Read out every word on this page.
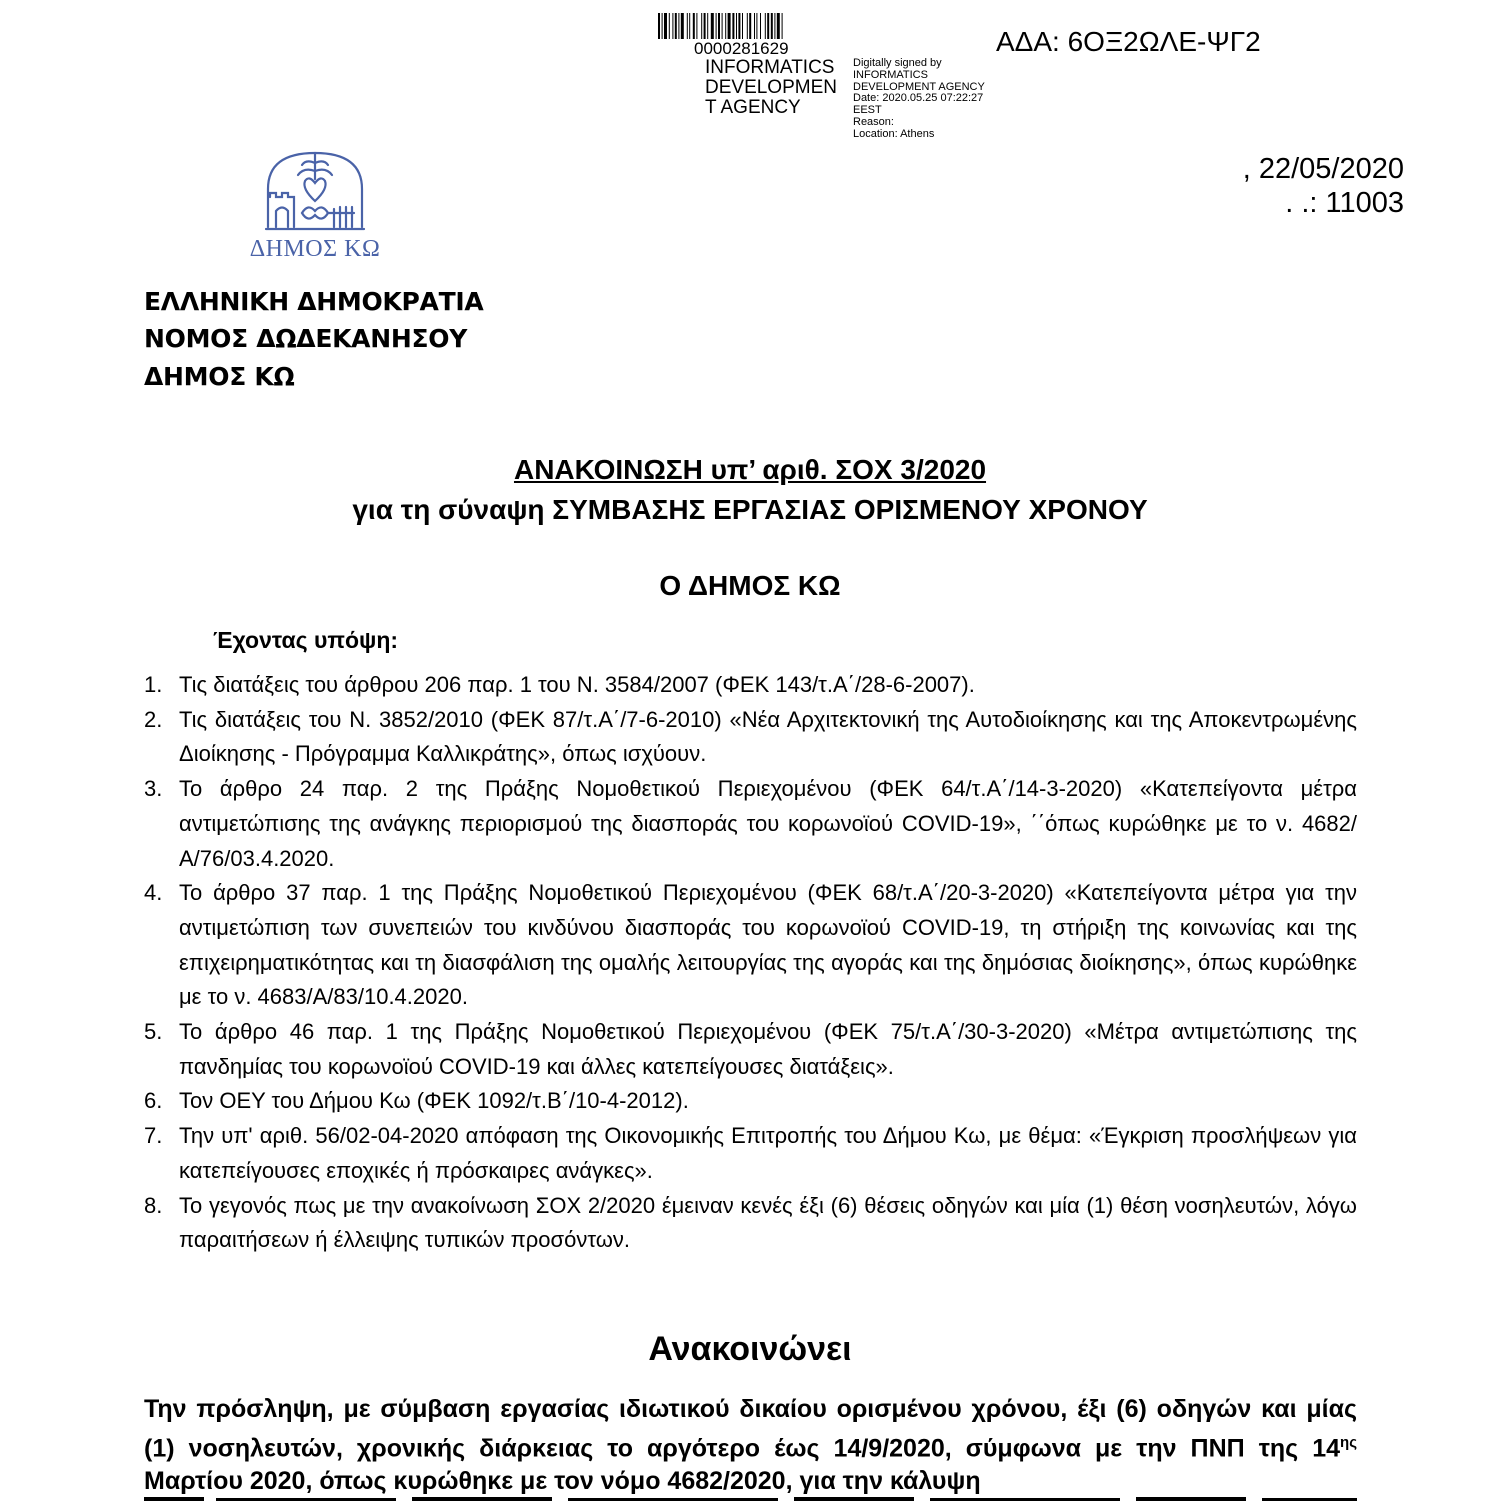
0000281629
INFORMATICS
DEVELOPMEN
T AGENCY
Digitally signed by
INFORMATICS
DEVELOPMENT AGENCY
Date: 2020.05.25 07:22:27
EEST
Reason:
Location: Athens
ΑΔΑ: 6ΟΞ2ΩΛΕ-ΨΓ2
, 22/05/2020
. .: 11003
ΔΗΜΟΣ ΚΩ
ΕΛΛΗΝΙΚΗ ΔΗΜΟΚΡΑΤΙΑ
ΝΟΜΟΣ ΔΩΔΕΚΑΝΗΣΟΥ
ΔΗΜΟΣ ΚΩ
ΑΝΑΚΟΙΝΩΣΗ υπ’ αριθ. ΣΟΧ 3/2020
για τη σύναψη ΣΥΜΒΑΣΗΣ ΕΡΓΑΣΙΑΣ ΟΡΙΣΜΕΝΟΥ ΧΡΟΝΟΥ
Ο ΔΗΜΟΣ ΚΩ
Έχοντας υπόψη:
1. Τις διατάξεις του άρθρου 206 παρ. 1 του Ν. 3584/2007 (ΦΕΚ 143/τ.Α΄/28-6-2007).
2. Τις διατάξεις του Ν. 3852/2010 (ΦΕΚ 87/τ.Α΄/7-6-2010) «Νέα Αρχιτεκτονική της Αυτοδιοίκησης και της Αποκεντρωμένης Διοίκησης - Πρόγραμμα Καλλικράτης», όπως ισχύουν.
3. Το άρθρο 24 παρ. 2 της Πράξης Νομοθετικού Περιεχομένου (ΦΕΚ 64/τ.Α΄/14-3-2020) «Κατεπείγοντα μέτρα αντιμετώπισης της ανάγκης περιορισμού της διασποράς του κορωνοϊού COVID-19», ΄΄όπως κυρώθηκε με το ν. 4682/Α/76/03.4.2020.
4. Το άρθρο 37 παρ. 1 της Πράξης Νομοθετικού Περιεχομένου (ΦΕΚ 68/τ.Α΄/20-3-2020) «Κατεπείγοντα μέτρα για την αντιμετώπιση των συνεπειών του κινδύνου διασποράς του κορωνοϊού COVID-19, τη στήριξη της κοινωνίας και της επιχειρηματικότητας και τη διασφάλιση της ομαλής λειτουργίας της αγοράς και της δημόσιας διοίκησης», όπως κυρώθηκε με το ν. 4683/Α/83/10.4.2020.
5. Το άρθρο 46 παρ. 1 της Πράξης Νομοθετικού Περιεχομένου (ΦΕΚ 75/τ.Α΄/30-3-2020) «Μέτρα αντιμετώπισης της πανδημίας του κορωνοϊού COVID-19 και άλλες κατεπείγουσες διατάξεις».
6. Τον ΟΕΥ του Δήμου Κω (ΦΕΚ 1092/τ.Β΄/10-4-2012).
7. Την υπ' αριθ. 56/02-04-2020 απόφαση της Οικονομικής Επιτροπής του Δήμου Κω, με θέμα: «Έγκριση προσλήψεων για κατεπείγουσες εποχικές ή πρόσκαιρες ανάγκες».
8. Το γεγονός πως με την ανακοίνωση ΣΟΧ 2/2020 έμειναν κενές έξι (6) θέσεις οδηγών και μία (1) θέση νοσηλευτών, λόγω παραιτήσεων ή έλλειψης τυπικών προσόντων.
Ανακοινώνει
Την πρόσληψη, με σύμβαση εργασίας ιδιωτικού δικαίου ορισμένου χρόνου, έξι (6) οδηγών και μίας (1) νοσηλευτών, χρονικής διάρκειας το αργότερο έως 14/9/2020, σύμφωνα με την ΠΝΠ της $14^{\eta\varsigma}$ Μαρτίου 2020, όπως κυρώθηκε με τον νόμο 4682/2020, για την κάλυψη
